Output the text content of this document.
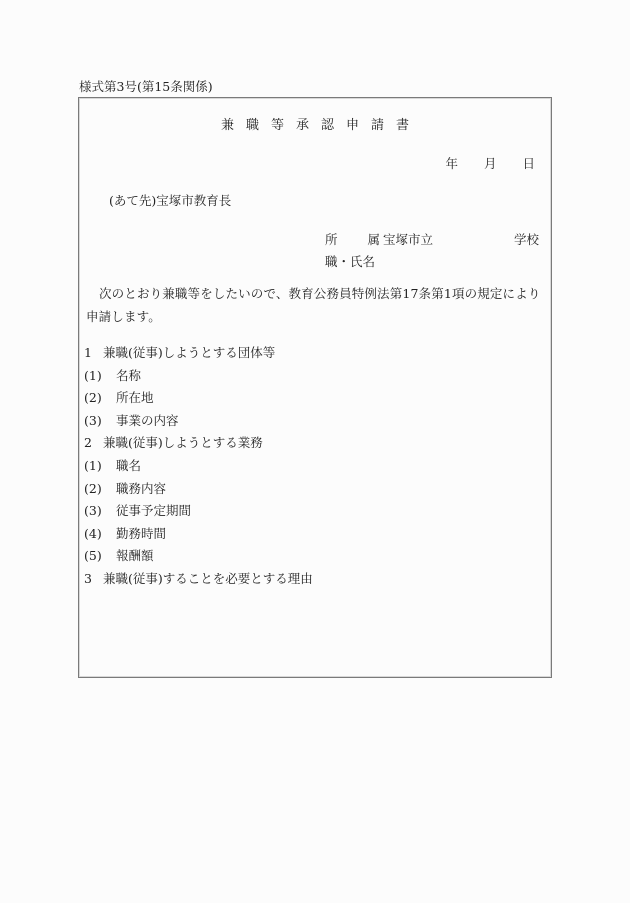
様式第3号(第15条関係)
兼職等承認申請書
年 月 日
(あて先)宝塚市教育長
所 属 宝塚市立	学校
職・氏名
次のとおり兼職等をしたいので、教育公務員特例法第17条第1項の規定により申請します。
1 兼職(従事)しようとする団体等
(1)	名称
(2)	所在地
(3)	事業の内容
2 兼職(従事)しようとする業務
(1)	職名
(2)	職務内容
(3)	従事予定期間
(4)	勤務時間
(5)	報酬額
3 兼職(従事)することを必要とする理由
